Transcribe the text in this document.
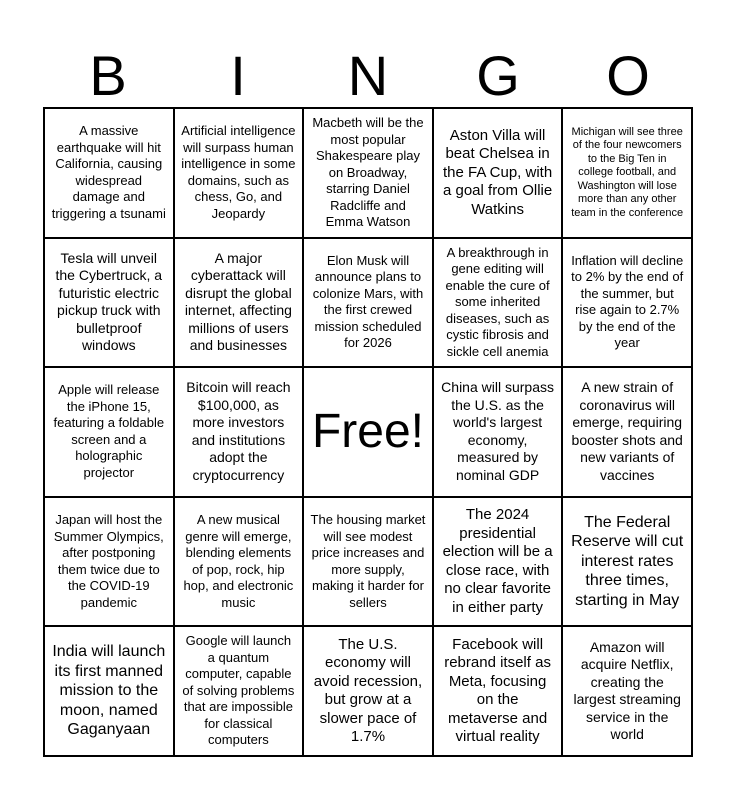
B	I	N	G	O
A massive earthquake will hit California, causing widespread damage and triggering a tsunami
Artificial intelligence will surpass human intelligence in some domains, such as chess, Go, and Jeopardy
Macbeth will be the most popular Shakespeare play on Broadway, starring Daniel Radcliffe and Emma Watson
Aston Villa will beat Chelsea in the FA Cup, with a goal from Ollie Watkins
Michigan will see three of the four newcomers to the Big Ten in college football, and Washington will lose more than any other team in the conference
Tesla will unveil the Cybertruck, a futuristic electric pickup truck with bulletproof windows
A major cyberattack will disrupt the global internet, affecting millions of users and businesses
Elon Musk will announce plans to colonize Mars, with the first crewed mission scheduled for 2026
A breakthrough in gene editing will enable the cure of some inherited diseases, such as cystic fibrosis and sickle cell anemia
Inflation will decline to 2% by the end of the summer, but rise again to 2.7% by the end of the year
Apple will release the iPhone 15, featuring a foldable screen and a holographic projector
Bitcoin will reach $100,000, as more investors and institutions adopt the cryptocurrency
Free!
China will surpass the U.S. as the world's largest economy, measured by nominal GDP
A new strain of coronavirus will emerge, requiring booster shots and new variants of vaccines
Japan will host the Summer Olympics, after postponing them twice due to the COVID-19 pandemic
A new musical genre will emerge, blending elements of pop, rock, hip hop, and electronic music
The housing market will see modest price increases and more supply, making it harder for sellers
The 2024 presidential election will be a close race, with no clear favorite in either party
The Federal Reserve will cut interest rates three times, starting in May
India will launch its first manned mission to the moon, named Gaganyaan
Google will launch a quantum computer, capable of solving problems that are impossible for classical computers
The U.S. economy will avoid recession, but grow at a slower pace of 1.7%
Facebook will rebrand itself as Meta, focusing on the metaverse and virtual reality
Amazon will acquire Netflix, creating the largest streaming service in the world
